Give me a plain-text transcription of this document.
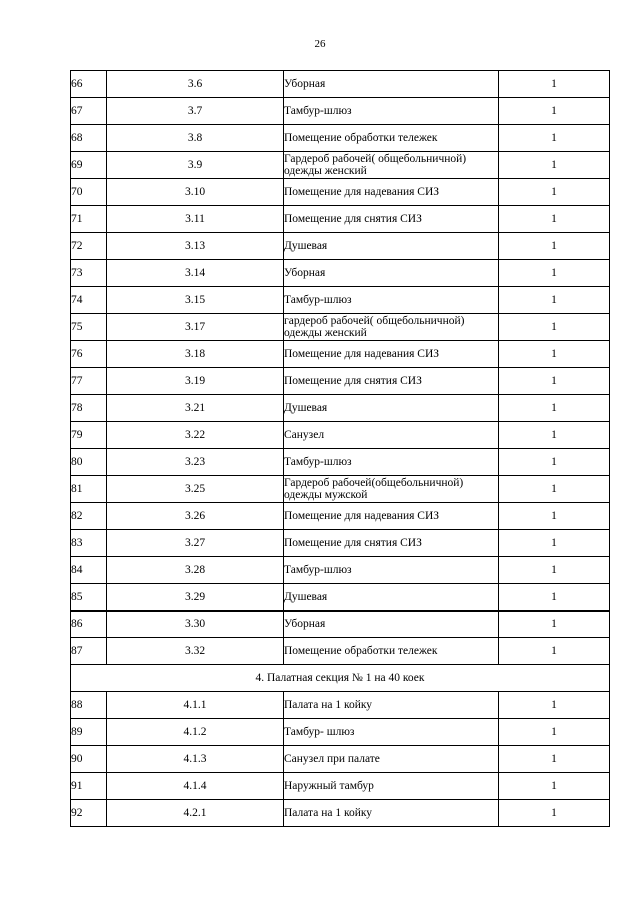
26
66	3.6	Уборная	1
67	3.7	Тамбур-шлюз	1
68	3.8	Помещение обработки тележек	1
69	3.9	Гардероб рабочей( общебольничной) одежды женский	1
70	3.10	Помещение для надевания СИЗ	1
71	3.11	Помещение для снятия СИЗ	1
72	3.13	Душевая	1
73	3.14	Уборная	1
74	3.15	Тамбур-шлюз	1
75	3.17	гардероб рабочей( общебольничной) одежды женский	1
76	3.18	Помещение для надевания СИЗ	1
77	3.19	Помещение для снятия СИЗ	1
78	3.21	Душевая	1
79	3.22	Санузел	1
80	3.23	Тамбур-шлюз	1
81	3.25	Гардероб рабочей(общебольничной) одежды мужской	1
82	3.26	Помещение для надевания СИЗ	1
83	3.27	Помещение для снятия СИЗ	1
84	3.28	Тамбур-шлюз	1
85	3.29	Душевая	1
86	3.30	Уборная	1
87	3.32	Помещение обработки тележек	1
4. Палатная секция № 1 на 40 коек			
88	4.1.1	Палата на 1 койку	1
89	4.1.2	Тамбур- шлюз	1
90	4.1.3	Санузел при палате	1
91	4.1.4	Наружный тамбур	1
92	4.2.1	Палата на 1 койку	1
